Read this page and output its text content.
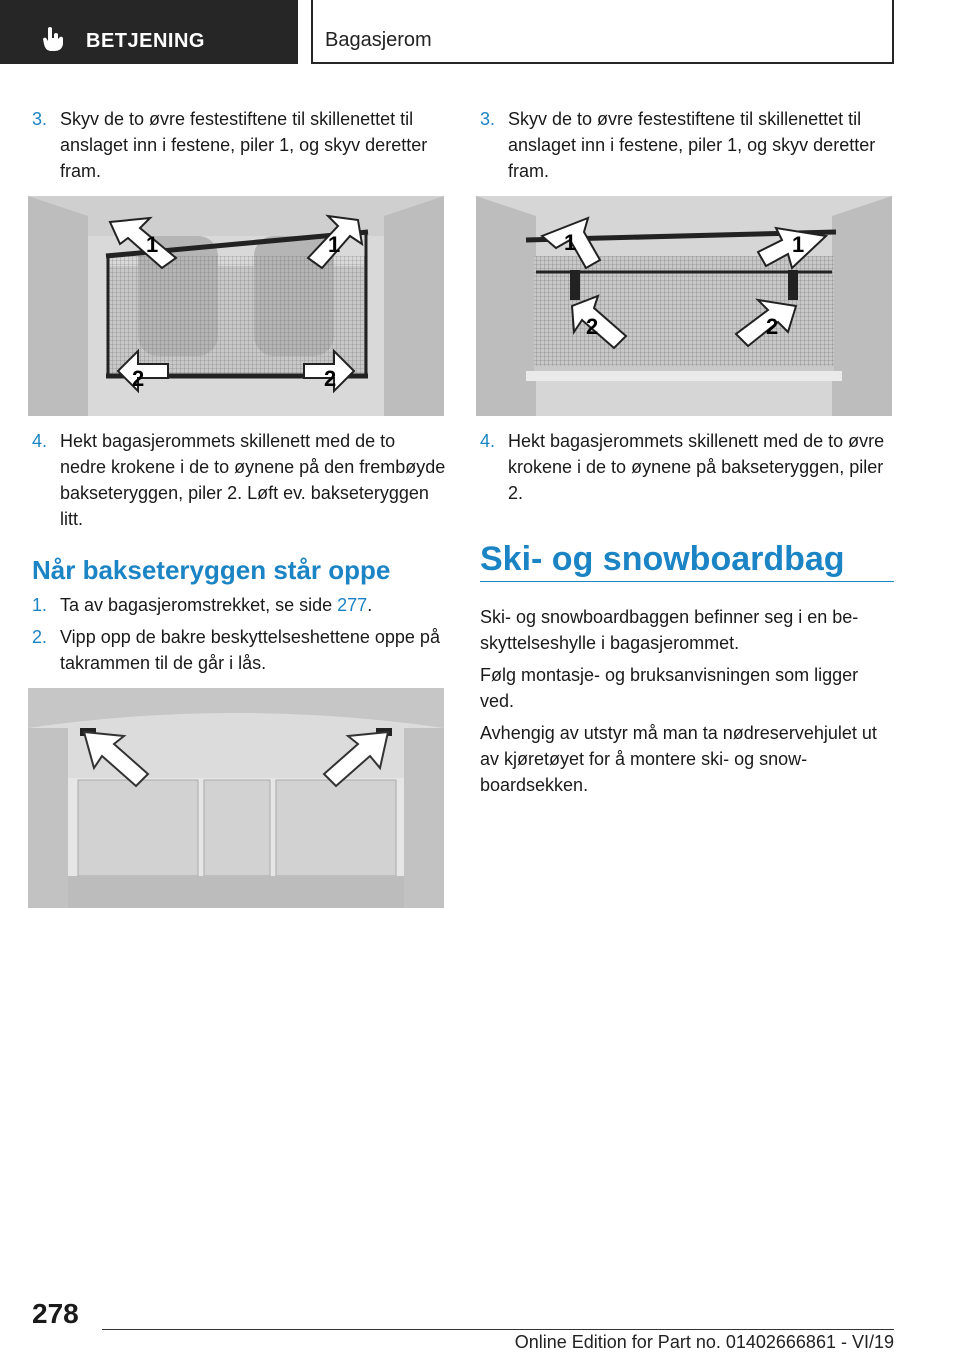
BETJENING	Bagasjerom
3. Skyv de to øvre festestiftene til skillenettet til anslaget inn i festene, piler 1, og skyv deretter fram.
1	1
2	2
4. Hekt bagasjerommets skillenett med de to nedre krokene i de to øynene på den frembøyde bakseteryggen, piler 2. Løft ev. bakseteryggen litt.
Når bakseteryggen står oppe
1. Ta av bagasjeromstrekket, se side 277.
2. Vipp opp de bakre beskyttelseshettene oppe på takrammen til de går i lås.
3. Skyv de to øvre festestiftene til skillenettet til anslaget inn i festene, piler 1, og skyv deretter fram.
1	1
2	2
4. Hekt bagasjerommets skillenett med de to øvre krokene i de to øynene på bakseteryggen, piler 2.
Ski- og snowboardbag
Ski- og snowboardbaggen befinner seg i en beskyttelseshylle i bagasjerommet.
Følg montasje- og bruksanvisningen som ligger ved.
Avhengig av utstyr må man ta nødreservehjulet ut av kjøretøyet for å montere ski- og snowboardsekken.
278
Online Edition for Part no. 01402666861 - VI/19
